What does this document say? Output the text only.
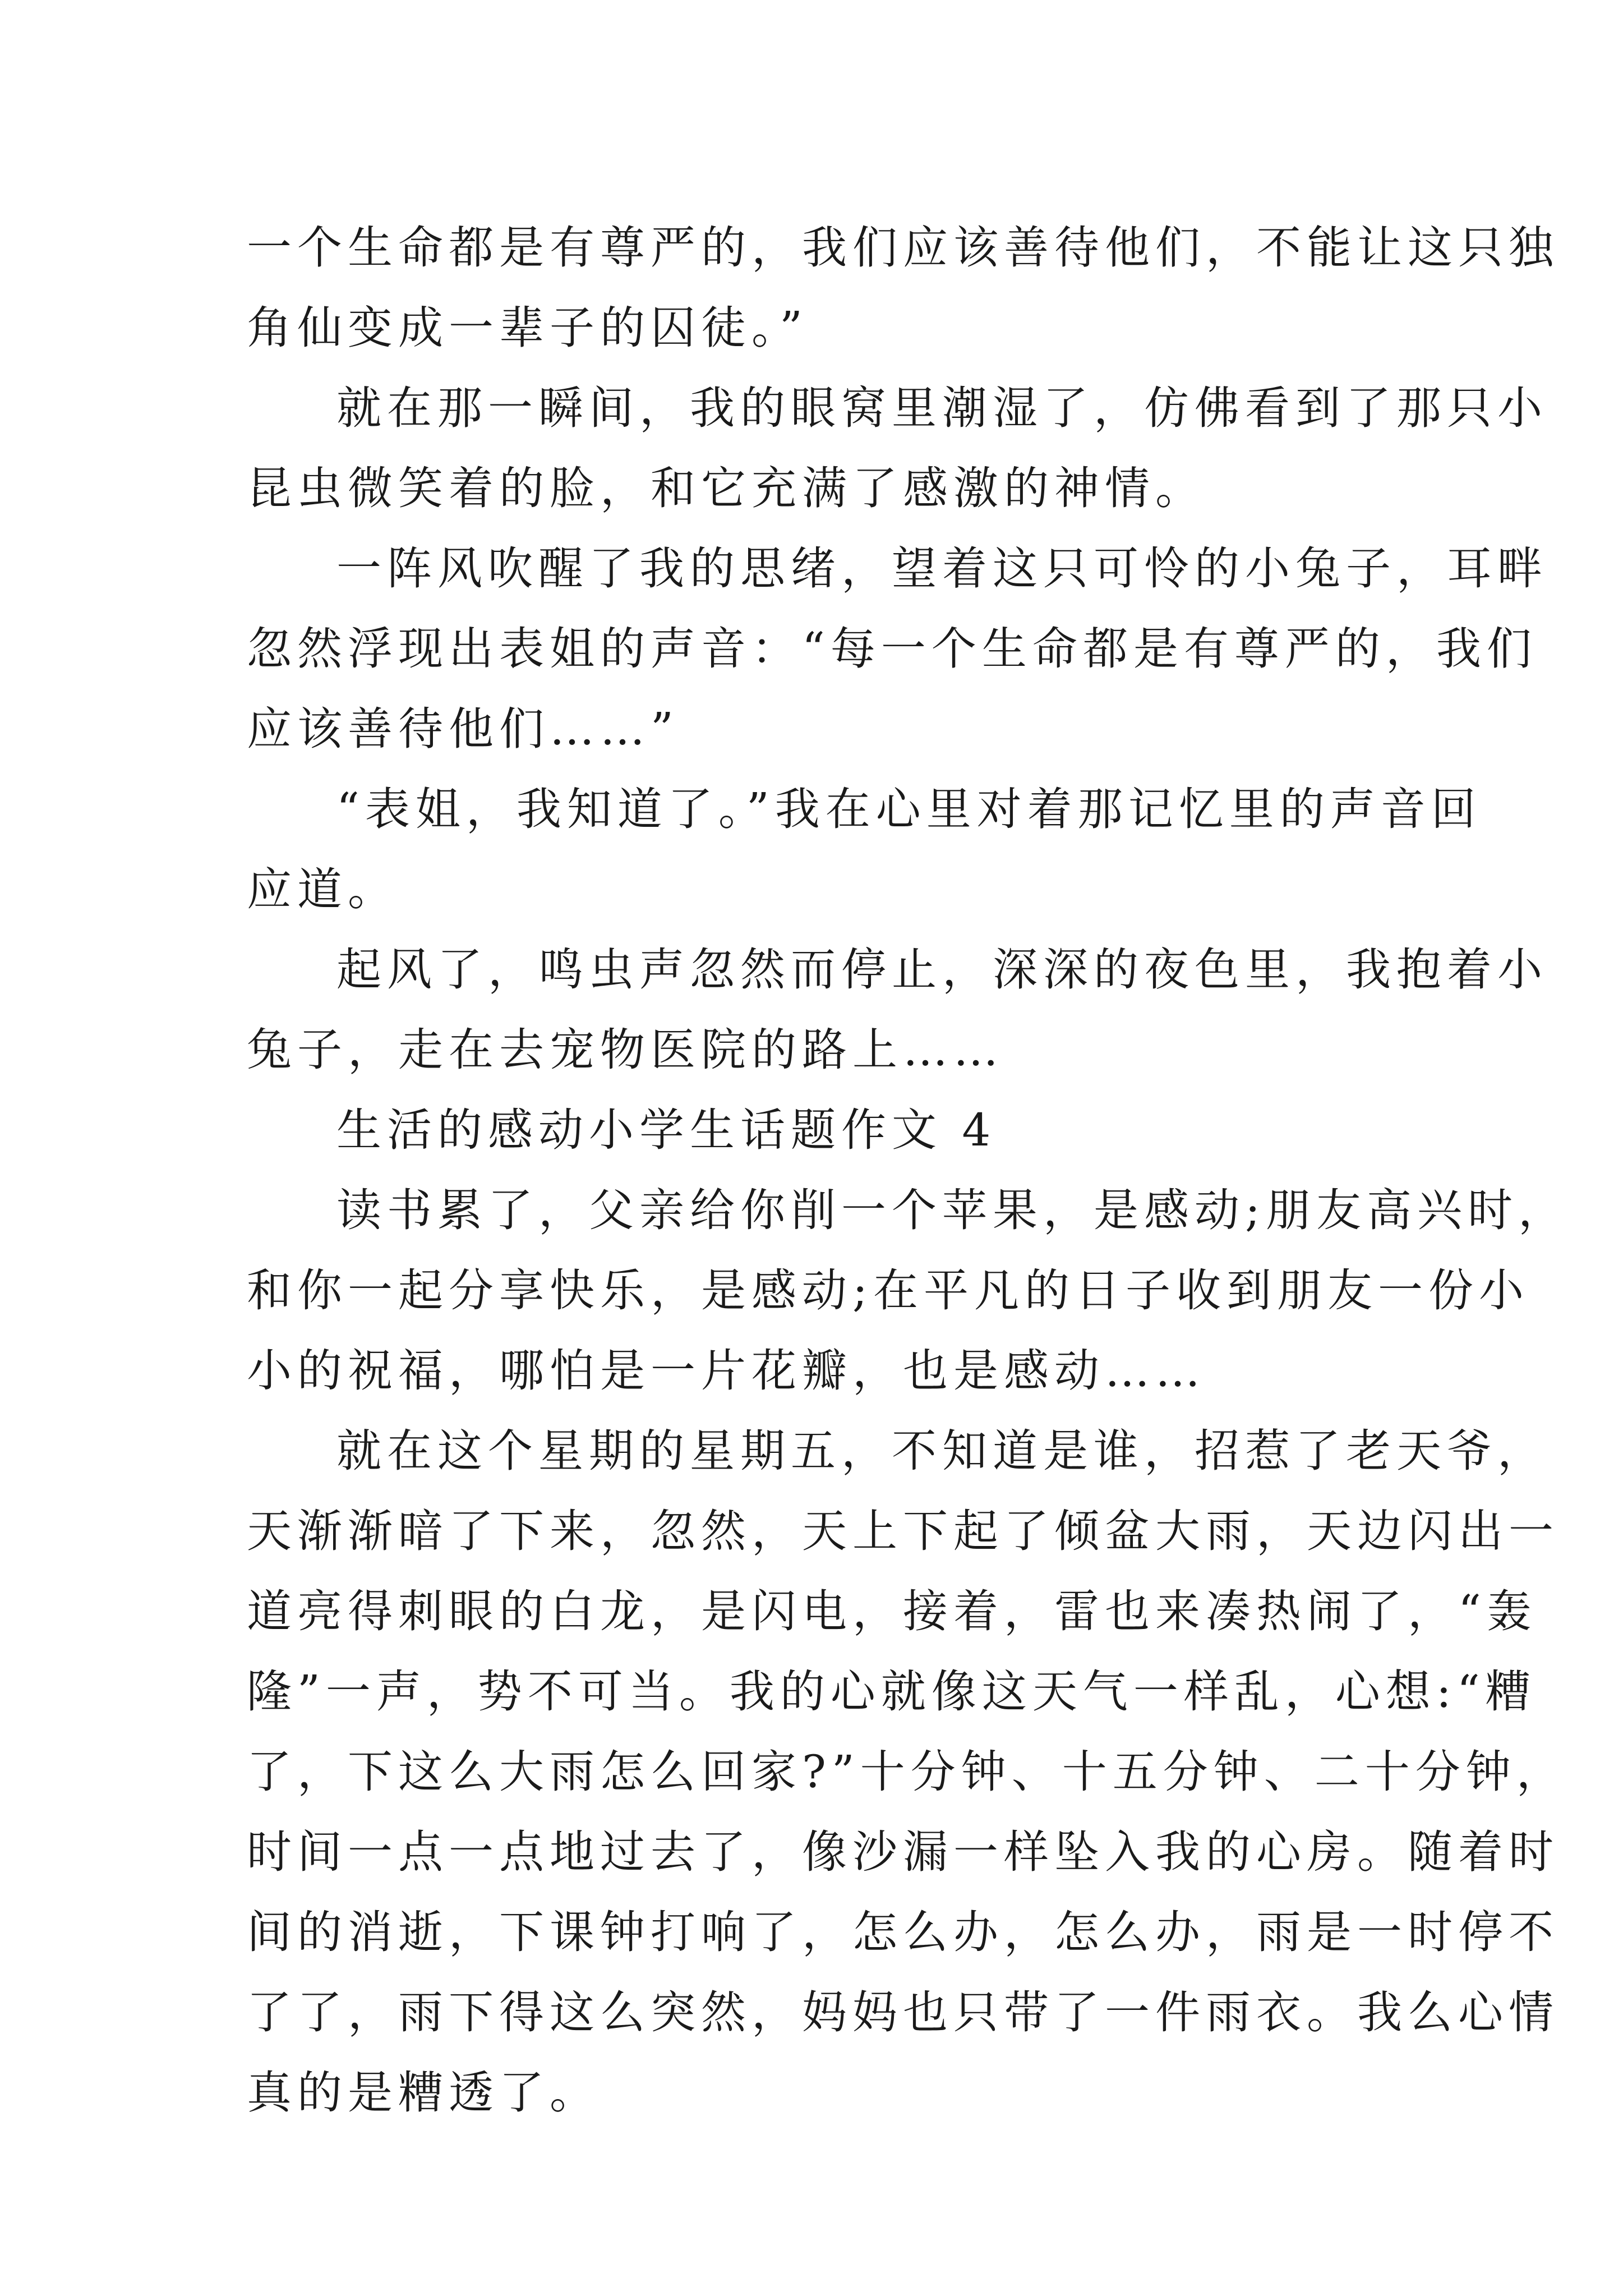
一个生命都是有尊严的，我们应该善待他们，不能让这只独
角仙变成一辈子的囚徒。”
就在那一瞬间，我的眼窝里潮湿了，仿佛看到了那只小
昆虫微笑着的脸，和它充满了感激的神情。
一阵风吹醒了我的思绪，望着这只可怜的小兔子，耳畔
忽然浮现出表姐的声音：“每一个生命都是有尊严的，我们
应该善待他们……”
“表姐，我知道了。”我在心里对着那记忆里的声音回
应道。
起风了，鸣虫声忽然而停止，深深的夜色里，我抱着小
兔子，走在去宠物医院的路上……
生活的感动小学生话题作文 4
读书累了，父亲给你削一个苹果，是感动;朋友高兴时，
和你一起分享快乐，是感动;在平凡的日子收到朋友一份小
小的祝福，哪怕是一片花瓣，也是感动……
就在这个星期的星期五，不知道是谁，招惹了老天爷，
天渐渐暗了下来，忽然，天上下起了倾盆大雨，天边闪出一
道亮得刺眼的白龙，是闪电，接着，雷也来凑热闹了，“轰
隆”一声，势不可当。我的心就像这天气一样乱，心想:“糟
了，下这么大雨怎么回家?”十分钟、十五分钟、二十分钟，
时间一点一点地过去了，像沙漏一样坠入我的心房。随着时
间的消逝，下课钟打响了，怎么办，怎么办，雨是一时停不
了了，雨下得这么突然，妈妈也只带了一件雨衣。我么心情
真的是糟透了。
